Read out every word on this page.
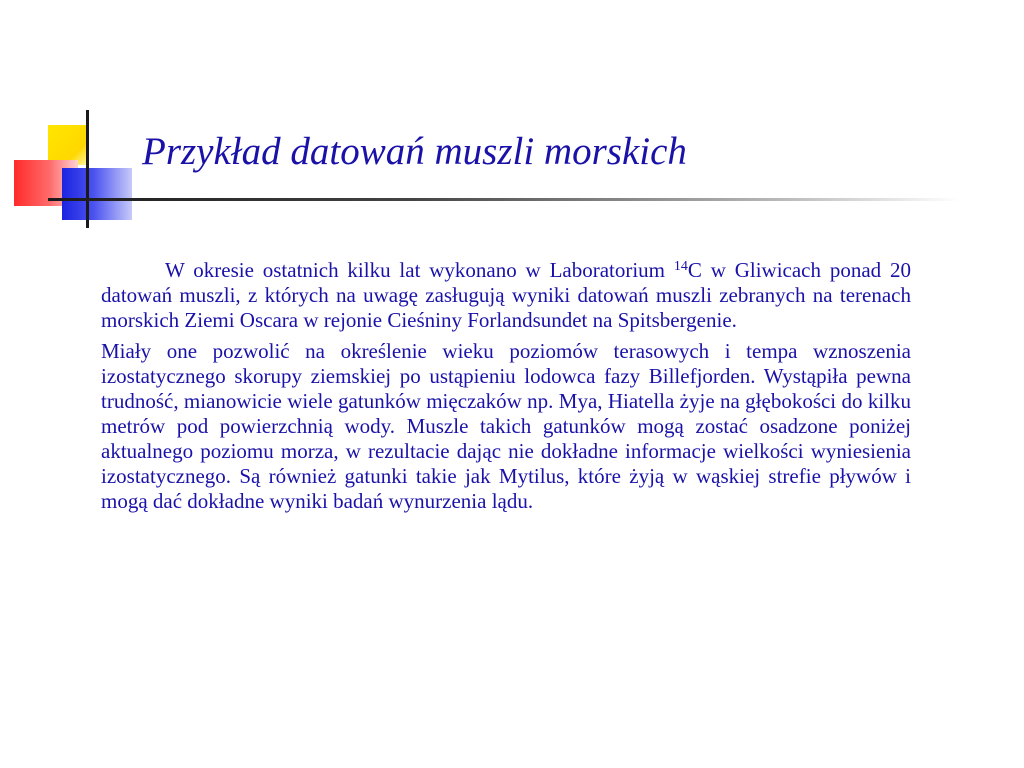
Przykład datowań muszli morskich

W okresie ostatnich kilku lat wykonano w Laboratorium $^{14}$C w Gliwicach ponad 20 datowań muszli, z których na uwagę zasługują wyniki datowań muszli zebranych na terenach morskich Ziemi Oscara w rejonie Cieśniny Forlandsundet na Spitsbergenie.

Miały one pozwolić na określenie wieku poziomów terasowych i tempa wznoszenia izostatycznego skorupy ziemskiej po ustąpieniu lodowca fazy Billefjorden. Wystąpiła pewna trudność, mianowicie wiele gatunków mięczaków np. Mya, Hiatella żyje na głębokości do kilku metrów pod powierzchnią wody. Muszle takich gatunków mogą zostać osadzone poniżej aktualnego poziomu morza, w rezultacie dając nie dokładne informacje wielkości wyniesienia izostatycznego. Są również gatunki takie jak Mytilus, które żyją w wąskiej strefie pływów i mogą dać dokładne wyniki badań wynurzenia lądu.
